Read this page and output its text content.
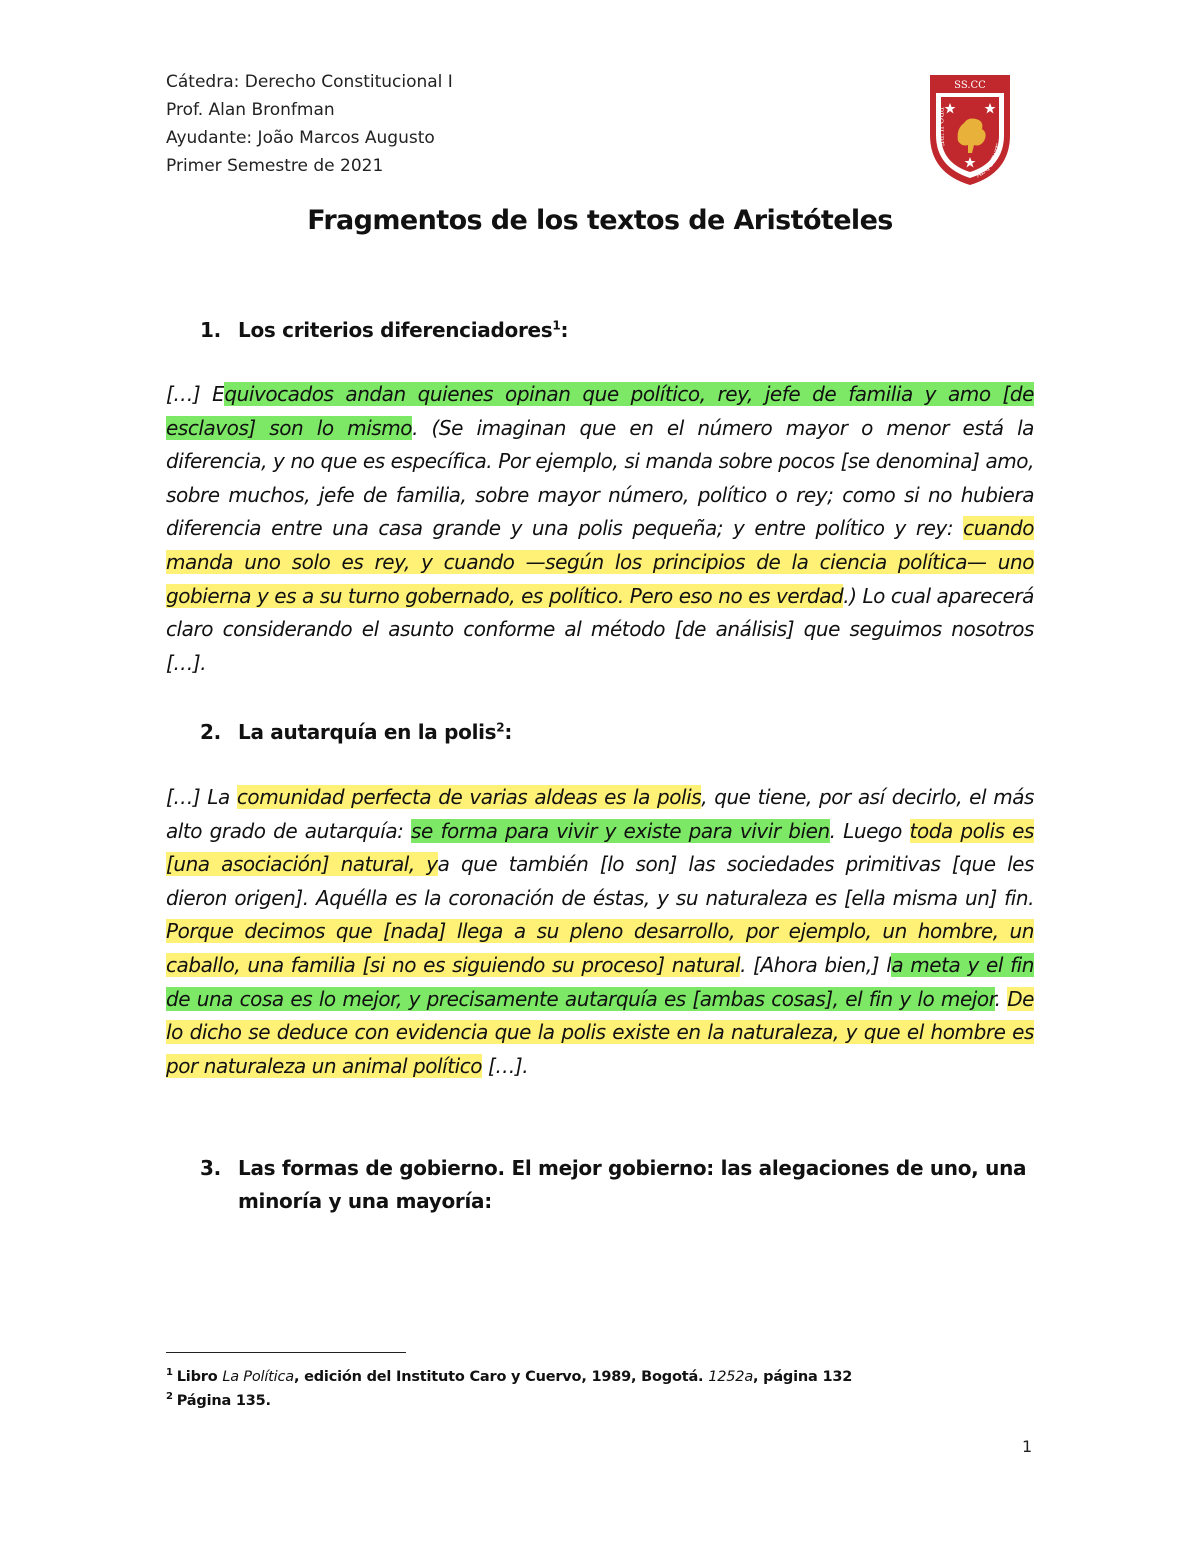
Cátedra: Derecho Constitucional I
Prof. Alan Bronfman
Ayudante: João Marcos Augusto
Primer Semestre de 2021
SS.CC
PRO JURE
AEQUITATE
ET
Fragmentos de los textos de Aristóteles
1. Los criterios diferenciadores$^1$:
[…] Equivocados andan quienes opinan que político, rey, jefe de familia y amo [de esclavos] son lo mismo. (Se imaginan que en el número mayor o menor está la diferencia, y no que es específica. Por ejemplo, si manda sobre pocos [se denomina] amo, sobre muchos, jefe de familia, sobre mayor número, político o rey; como si no hubiera diferencia entre una casa grande y una polis pequeña; y entre político y rey: cuando manda uno solo es rey, y cuando —según los principios de la ciencia política— uno gobierna y es a su turno gobernado, es político. Pero eso no es verdad.) Lo cual aparecerá claro considerando el asunto conforme al método [de análisis] que seguimos nosotros […].
2. La autarquía en la polis$^2$:
[…] La comunidad perfecta de varias aldeas es la polis, que tiene, por así decirlo, el más alto grado de autarquía: se forma para vivir y existe para vivir bien. Luego toda polis es [una asociación] natural, ya que también [lo son] las sociedades primitivas [que les dieron origen]. Aquélla es la coronación de éstas, y su naturaleza es [ella misma un] fin. Porque decimos que [nada] llega a su pleno desarrollo, por ejemplo, un hombre, un caballo, una familia [si no es siguiendo su proceso] natural. [Ahora bien,] la meta y el fin de una cosa es lo mejor, y precisamente autarquía es [ambas cosas], el fin y lo mejor. De lo dicho se deduce con evidencia que la polis existe en la naturaleza, y que el hombre es por naturaleza un animal político […].
3. Las formas de gobierno. El mejor gobierno: las alegaciones de uno, una minoría y una mayoría:
$^1$ Libro La Política, edición del Instituto Caro y Cuervo, 1989, Bogotá. 1252a, página 132
$^2$ Página 135.
1
